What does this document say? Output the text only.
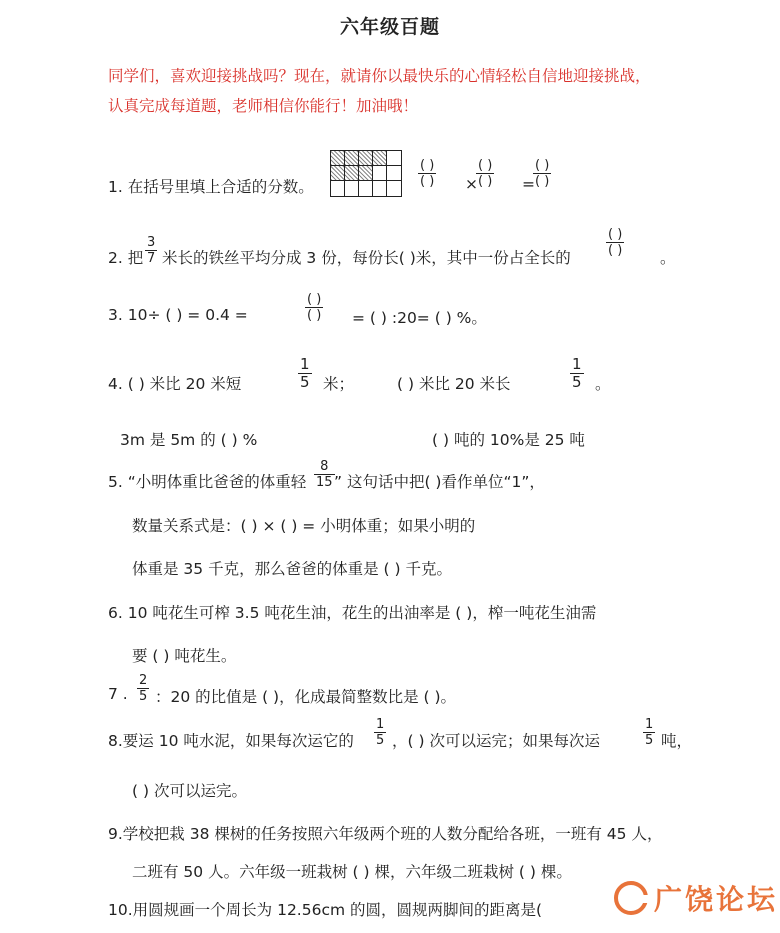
六年级百题
同学们，喜欢迎接挑战吗？现在，就请你以最快乐的心情轻松自信地迎接挑战，
认真完成每道题，老师相信你能行！加油哦！
1. 在括号里填上合适的分数。
( )
( ) ×
( )
( ) =
( )
( )
2. 把
3
7 米长的铁丝平均分成 3 份，每份长( )米，其中一份占全长的
( )
( ) 。
3. 10÷ ( ) = 0.4 =
( )
( ) = ( ) :20= ( ) %。
4. ( ) 米比 20 米短
1
5 米；	( ) 米比 20 米长
1
5 。
3m 是 5m 的 ( ) %	( ) 吨的 10%是 25 吨
5. “小明体重比爸爸的体重轻
8
15 ” 这句话中把( )看作单位“1”，
数量关系式是：( ) × ( ) = 小明体重；如果小明的
体重是 35 千克，那么爸爸的体重是 ( ) 千克。
6. 10 吨花生可榨 3.5 吨花生油，花生的出油率是 ( )，榨一吨花生油需
要 ( ) 吨花生。
7 .
2
5 ：20 的比值是 ( )，化成最简整数比是 ( )。
8.要运 10 吨水泥，如果每次运它的
1
5 ，( ) 次可以运完；如果每次运
1
5 吨，
( ) 次可以运完。
9.学校把栽 38 棵树的任务按照六年级两个班的人数分配给各班，一班有 45 人，
二班有 50 人。六年级一班栽树 ( ) 棵，六年级二班栽树 ( ) 棵。
10.用圆规画一个周长为 12.56cm 的圆，圆规两脚间的距离是(	广饶论坛
